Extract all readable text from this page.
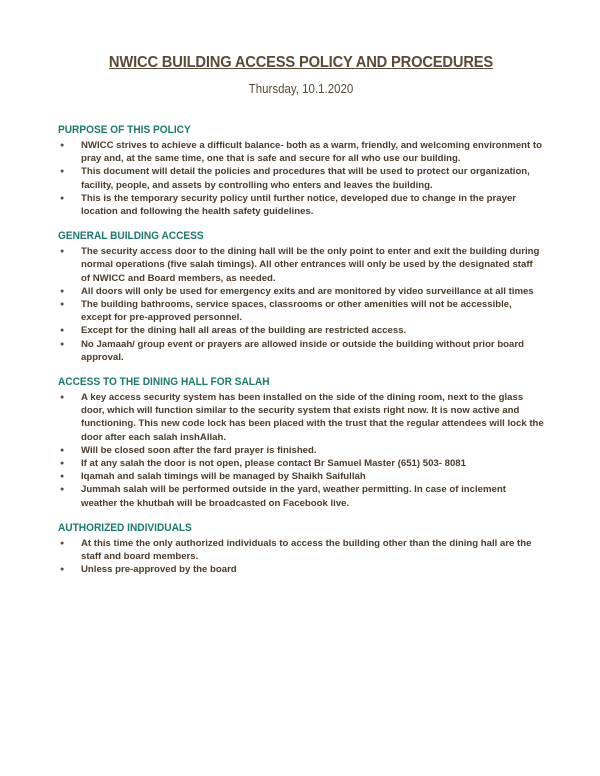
NWICC BUILDING ACCESS POLICY AND PROCEDURES
Thursday, 10.1.2020
PURPOSE OF THIS POLICY
● NWICC strives to achieve a difficult balance- both as a warm, friendly, and welcoming environment to pray and, at the same time, one that is safe and secure for all who use our building.
● This document will detail the policies and procedures that will be used to protect our organization, facility, people, and assets by controlling who enters and leaves the building.
● This is the temporary security policy until further notice, developed due to change in the prayer location and following the health safety guidelines.
GENERAL BUILDING ACCESS
● The security access door to the dining hall will be the only point to enter and exit the building during normal operations (five salah timings). All other entrances will only be used by the designated staff of NWICC and Board members, as needed.
● All doors will only be used for emergency exits and are monitored by video surveillance at all times
● The building bathrooms, service spaces, classrooms or other amenities will not be accessible, except for pre-approved personnel.
● Except for the dining hall all areas of the building are restricted access.
● No Jamaah/ group event or prayers are allowed inside or outside the building without prior board approval.
ACCESS TO THE DINING HALL FOR SALAH
● A key access security system has been installed on the side of the dining room, next to the glass door, which will function similar to the security system that exists right now. It is now active and functioning. This new code lock has been placed with the trust that the regular attendees will lock the door after each salah inshAllah.
● Will be closed soon after the fard prayer is finished.
● If at any salah the door is not open, please contact Br Samuel Master (651) 503- 8081
● Iqamah and salah timings will be managed by Shaikh Saifullah
● Jummah salah will be performed outside in the yard, weather permitting. In case of inclement weather the khutbah will be broadcasted on Facebook live.
AUTHORIZED INDIVIDUALS
● At this time the only authorized individuals to access the building other than the dining hall are the staff and board members.
● Unless pre-approved by the board
